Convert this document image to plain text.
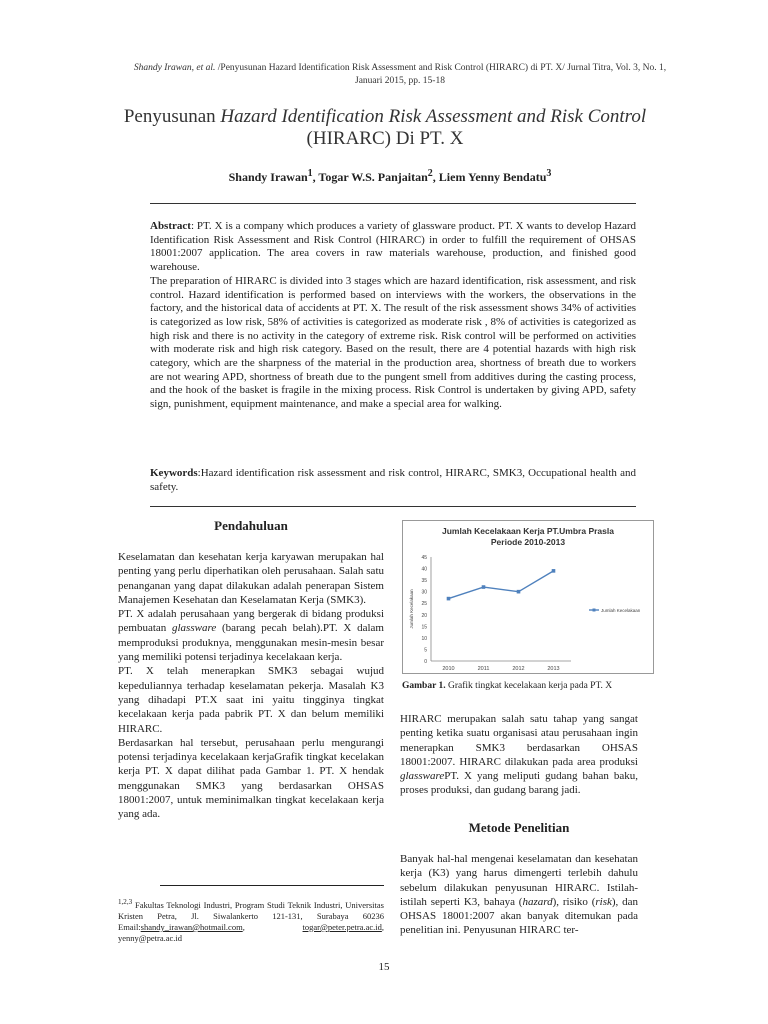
Shandy Irawan, et al. /Penyusunan Hazard Identification Risk Assessment and Risk Control (HIRARC) di PT. X/ Jurnal Titra, Vol. 3, No. 1, Januari 2015, pp. 15-18
Penyusunan Hazard Identification Risk Assessment and Risk Control (HIRARC) Di PT. X
Shandy Irawan$^1$, Togar W.S. Panjaitan$^2$, Liem Yenny Bendatu$^3$

Abstract: PT. X is a company which produces a variety of glassware product. PT. X wants to develop Hazard Identification Risk Assessment and Risk Control (HIRARC) in order to fulfill the requirement of OHSAS 18001:2007 application. The area covers in raw materials warehouse, production, and finished good warehouse.

The preparation of HIRARC is divided into 3 stages which are hazard identification, risk assessment, and risk control. Hazard identification is performed based on interviews with the workers, the observations in the factory, and the historical data of accidents at PT. X. The result of the risk assessment shows 34% of activities is categorized as low risk, 58% of activities is categorized as moderate risk , 8% of activities is categorized as high risk and there is no activity in the category of extreme risk. Risk control will be performed on activities with moderate risk and high risk category. Based on the result, there are 4 potential hazards with high risk category, which are the sharpness of the material in the production area, shortness of breath due to workers are not wearing APD, shortness of breath due to the pungent smell from additives during the casting process, and the hook of the basket is fragile in the mixing process. Risk Control is undertaken by giving APD, safety sign, punishment, equipment maintenance, and make a special area for walking.

Keywords:Hazard identification risk assessment and risk control, HIRARC, SMK3, Occupational health and safety.
Pendahuluan

Keselamatan dan kesehatan kerja karyawan merupakan hal penting yang perlu diperhatikan oleh perusahaan. Salah satu penanganan yang dapat dilakukan adalah penerapan Sistem Manajemen Kesehatan dan Keselamatan Kerja (SMK3).

PT. X adalah perusahaan yang bergerak di bidang produksi pembuatan glassware (barang pecah belah).PT. X dalam memproduksi produknya, menggunakan mesin-mesin besar yang memiliki potensi terjadinya kecelakaan kerja.

PT. X telah menerapkan SMK3 sebagai wujud kepeduliannya terhadap keselamatan pekerja. Masalah K3 yang dihadapi PT.X saat ini yaitu tingginya tingkat kecelakaan kerja pada pabrik PT. X dan belum memiliki HIRARC.

Berdasarkan hal tersebut, perusahaan perlu mengurangi potensi terjadinya kecelakaan kerjaGrafik tingkat kecelakan kerja PT. X dapat dilihat pada Gambar 1. PT. X hendak menggunakan SMK3 yang berdasarkan OHSAS 18001:2007, untuk meminimalkan tingkat kecelakaan kerja yang ada.

$^{1,2,3}$ Fakultas Teknologi Industri, Program Studi Teknik Industri, Universitas Kristen Petra, Jl. Siwalankerto 121-131, Surabaya 60236 Email:shandy_irawan@hotmail.com, togar@peter.petra.ac.id, yenny@petra.ac.id
Jumlah Kecelakaan Kerja PT.Umbra Prasla
Periode 2010-2013
0
5
10
15
20
25
30
35
40
45
2010	2011	2012	2013
Jumlah Kecelakaan	Jumlah Kecelakaan
Gambar 1. Grafik tingkat kecelakaan kerja pada PT. X

HIRARC merupakan salah satu tahap yang sangat penting ketika suatu organisasi atau perusahaan ingin menerapkan SMK3 berdasarkan OHSAS 18001:2007. HIRARC dilakukan pada area produksi glasswarePT. X yang meliputi gudang bahan baku, proses produksi, dan gudang barang jadi.

Metode Penelitian

Banyak hal-hal mengenai keselamatan dan kesehatan kerja (K3) yang harus dimengerti terlebih dahulu sebelum dilakukan penyusunan HIRARC. Istilah-istilah seperti K3, bahaya (hazard), risiko (risk), dan OHSAS 18001:2007 akan banyak ditemukan pada penelitian ini. Penyusunan HIRARC ter-

15
